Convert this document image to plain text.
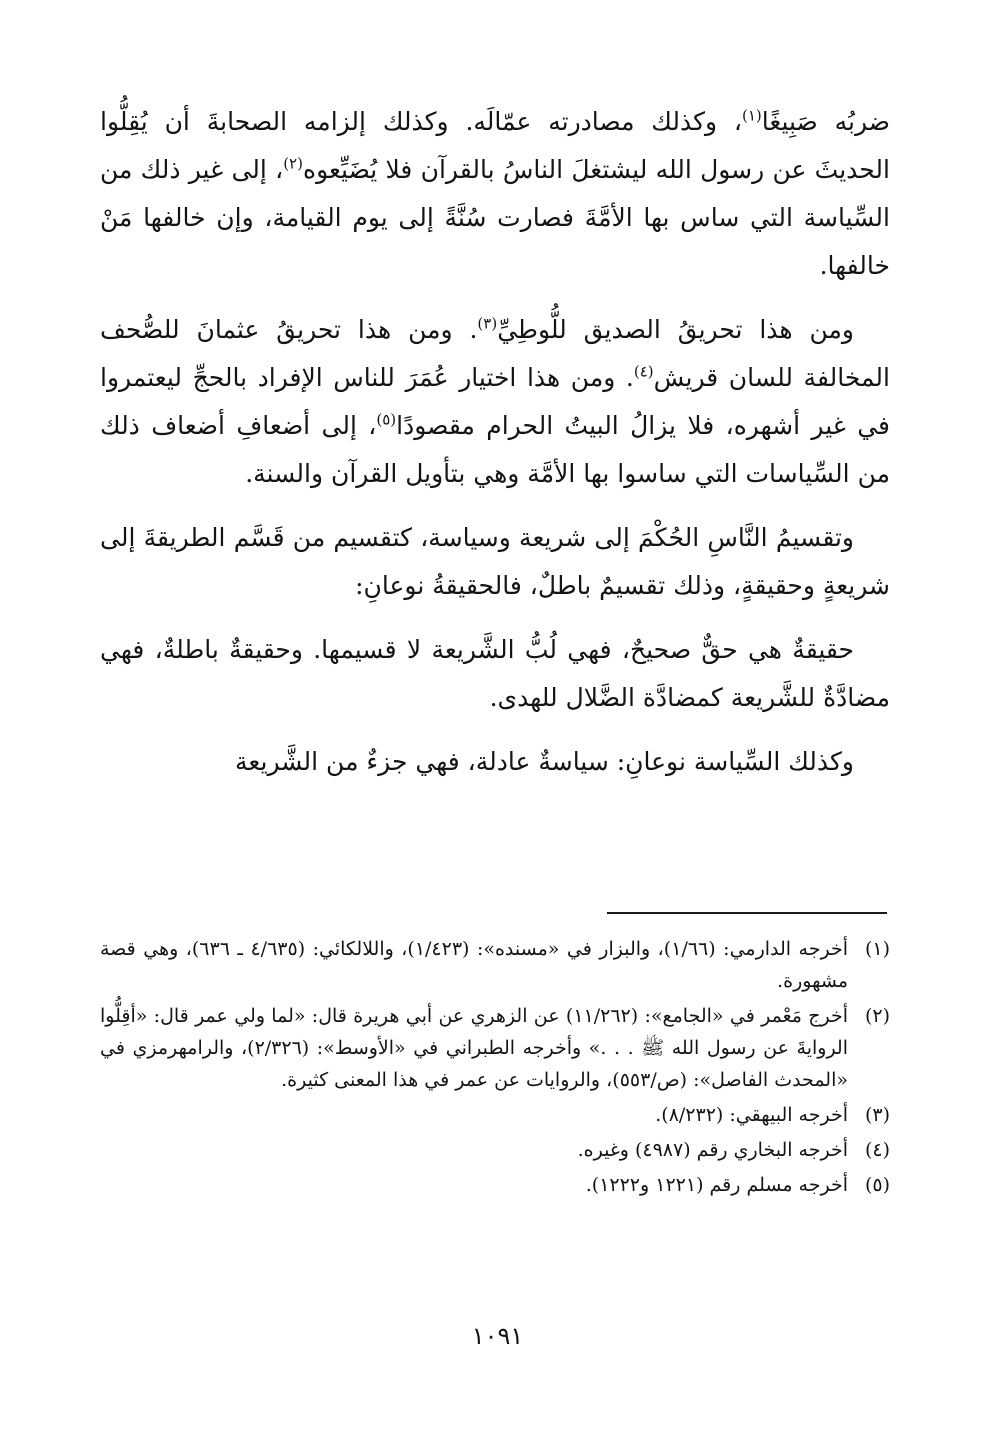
ضربُه صَبِيغًا$^{(١)}$، وكذلك مصادرته عمّالَه. وكذلك إلزامه الصحابةَ أن يُقِلُّوا الحديثَ عن رسول الله ليشتغلَ الناسُ بالقرآن فلا يُضَيِّعوه$^{(٢)}$، إلى غير ذلك من السِّياسة التي ساس بها الأمَّةَ فصارت سُنَّةً إلى يوم القيامة، وإن خالفها مَنْ خالفها.

ومن هذا تحريقُ الصديق للُّوطِيِّ$^{(٣)}$. ومن هذا تحريقُ عثمانَ للصُّحف المخالفة للسان قريش$^{(٤)}$. ومن هذا اختيار عُمَرَ للناس الإفراد بالحجِّ ليعتمروا في غير أشهره، فلا يزالُ البيتُ الحرام مقصودًا$^{(٥)}$، إلى أضعافِ أضعاف ذلك من السِّياسات التي ساسوا بها الأمَّة وهي بتأويل القرآن والسنة.

وتقسيمُ النَّاسِ الحُكْمَ إلى شريعة وسياسة، كتقسيم من قَسَّم الطريقةَ إلى شريعةٍ وحقيقةٍ، وذلك تقسيمٌ باطلٌ، فالحقيقةُ نوعانِ:

حقيقةٌ هي حقٌّ صحيحٌ، فهي لُبُّ الشَّريعة لا قسيمها. وحقيقةٌ باطلةٌ، فهي مضادَّةٌ للشَّريعة كمضادَّة الضَّلال للهدى.

وكذلك السِّياسة نوعانِ: سياسةٌ عادلة، فهي جزءٌ من الشَّريعة

(١)
أخرجه الدارمي: (١/٦٦)، والبزار في «مسنده»: (١/٤٢٣)، واللالكائي: (٤/٦٣٥ ـ ٦٣٦)، وهي قصة مشهورة.
(٢)
أخرج مَعْمر في «الجامع»: (١١/٢٦٢) عن الزهري عن أبي هريرة قال: «لما ولي عمر قال: «أقِلُّوا الروايةَ عن رسول الله ﷺ . . .» وأخرجه الطبراني في «الأوسط»: (٢/٣٢٦)، والرامهرمزي في «المحدث الفاصل»: (ص/٥٥٣)، والروايات عن عمر في هذا المعنى كثيرة.
(٣)
أخرجه البيهقي: (٨/٢٣٢).
(٤)
أخرجه البخاري رقم (٤٩٨٧) وغيره.
(٥)
أخرجه مسلم رقم (١٢٢١ و١٢٢٢).
١٠٩١
